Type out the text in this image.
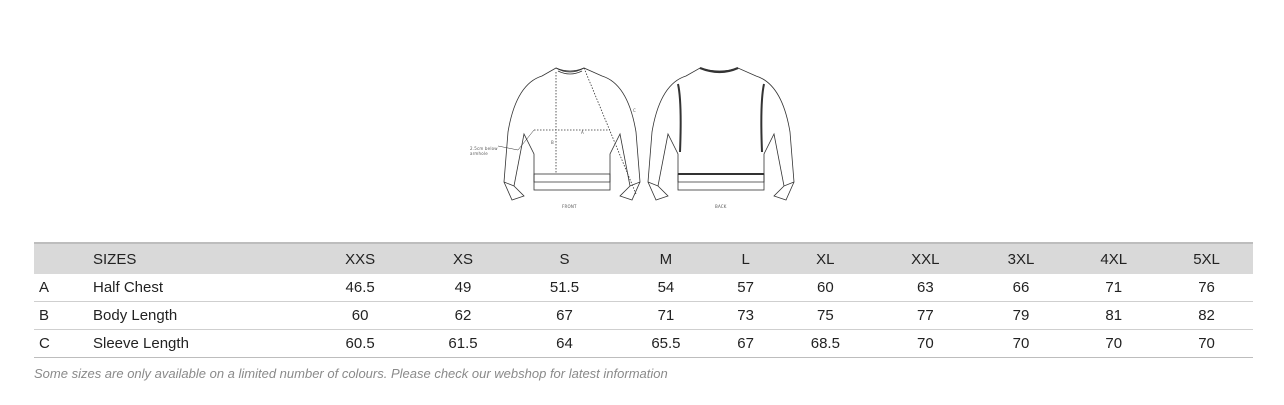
A
B
C
2.5cm below armhole
FRONT	BACK
	SIZES	XXS	XS	S	M	L	XL	XXL	3XL	4XL	5XL
A	Half Chest	46.5	49	51.5	54	57	60	63	66	71	76
B	Body Length	60	62	67	71	73	75	77	79	81	82
C	Sleeve Length	60.5	61.5	64	65.5	67	68.5	70	70	70	70
Some sizes are only available on a limited number of colours. Please check our webshop for latest information
